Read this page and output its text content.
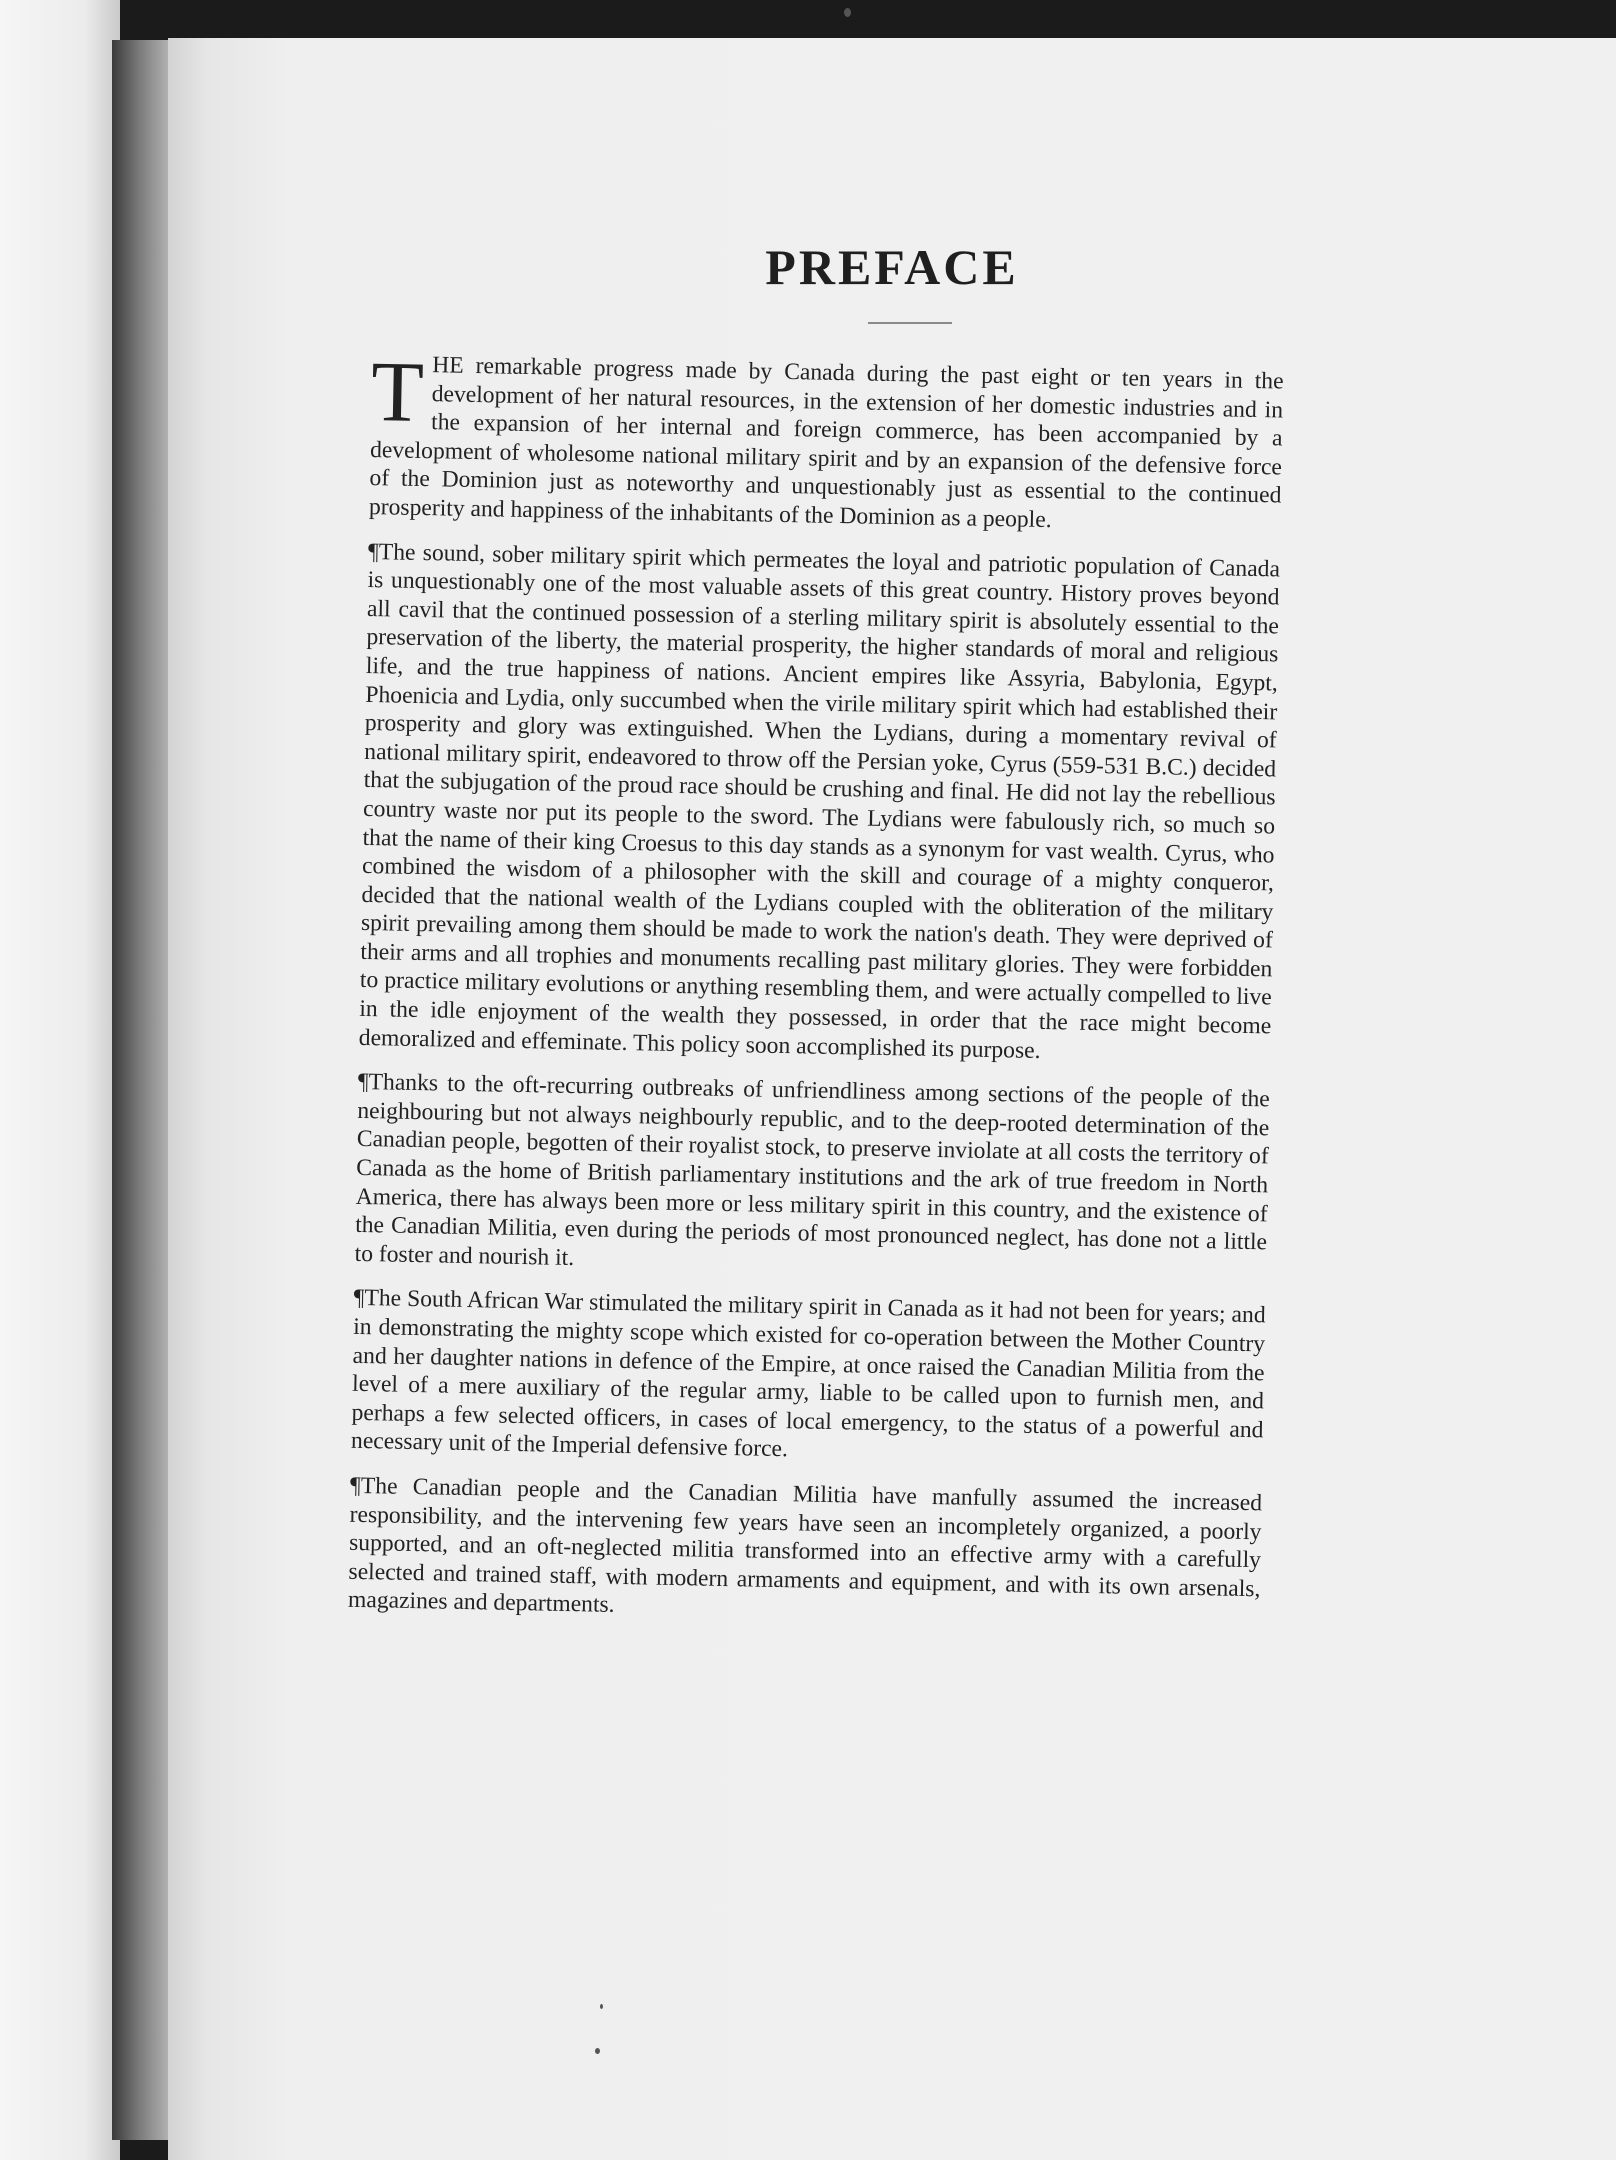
PREFACE

THE remarkable progress made by Canada during the past eight or ten years in the development of her natural resources, in the extension of her domestic industries and in the expansion of her internal and foreign commerce, has been accompanied by a development of wholesome national military spirit and by an expansion of the defensive force of the Dominion just as noteworthy and unquestionably just as essential to the continued prosperity and happiness of the inhabitants of the Dominion as a people.

¶The sound, sober military spirit which permeates the loyal and patriotic population of Canada is unquestionably one of the most valuable assets of this great country. History proves beyond all cavil that the continued possession of a sterling military spirit is absolutely essential to the preservation of the liberty, the material prosperity, the higher standards of moral and religious life, and the true happiness of nations. Ancient empires like Assyria, Babylonia, Egypt, Phoenicia and Lydia, only succumbed when the virile military spirit which had established their prosperity and glory was extinguished. When the Lydians, during a momentary revival of national military spirit, endeavored to throw off the Persian yoke, Cyrus (559-531 B.C.) decided that the subjugation of the proud race should be crushing and final. He did not lay the rebellious country waste nor put its people to the sword. The Lydians were fabulously rich, so much so that the name of their king Croesus to this day stands as a synonym for vast wealth. Cyrus, who combined the wisdom of a philosopher with the skill and courage of a mighty conqueror, decided that the national wealth of the Lydians coupled with the obliteration of the military spirit prevailing among them should be made to work the nation's death. They were deprived of their arms and all trophies and monuments recalling past military glories. They were forbidden to practice military evolutions or anything resembling them, and were actually compelled to live in the idle enjoyment of the wealth they possessed, in order that the race might become demoralized and effeminate. This policy soon accomplished its purpose.

¶Thanks to the oft-recurring outbreaks of unfriendliness among sections of the people of the neighbouring but not always neighbourly republic, and to the deep-rooted determination of the Canadian people, begotten of their royalist stock, to preserve inviolate at all costs the territory of Canada as the home of British parliamentary institutions and the ark of true freedom in North America, there has always been more or less military spirit in this country, and the existence of the Canadian Militia, even during the periods of most pronounced neglect, has done not a little to foster and nourish it.

¶The South African War stimulated the military spirit in Canada as it had not been for years; and in demonstrating the mighty scope which existed for co-operation between the Mother Country and her daughter nations in defence of the Empire, at once raised the Canadian Militia from the level of a mere auxiliary of the regular army, liable to be called upon to furnish men, and perhaps a few selected officers, in cases of local emergency, to the status of a powerful and necessary unit of the Imperial defensive force.

¶The Canadian people and the Canadian Militia have manfully assumed the increased responsibility, and the intervening few years have seen an incompletely organized, a poorly supported, and an oft-neglected militia transformed into an effective army with a carefully selected and trained staff, with modern armaments and equipment, and with its own arsenals, magazines and departments.
